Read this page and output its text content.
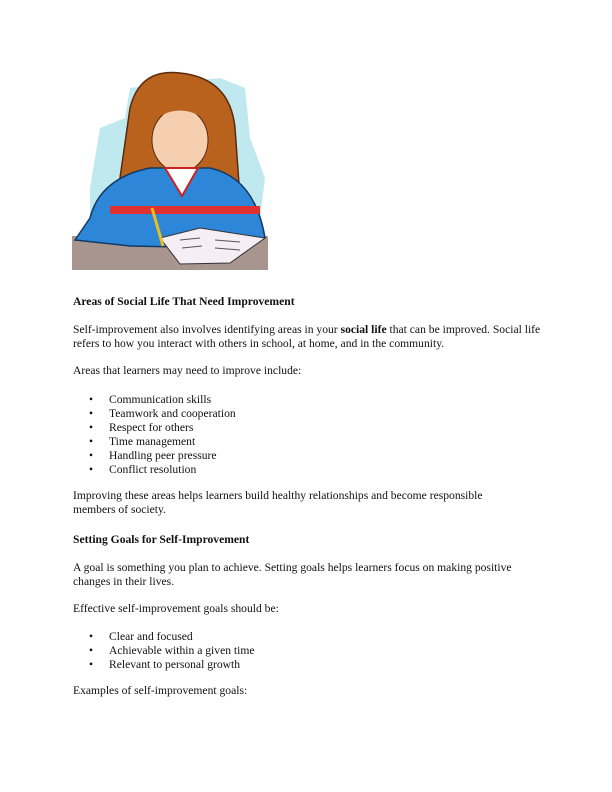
Areas of Social Life That Need Improvement
Self-improvement also involves identifying areas in your social life that can be improved. Social life refers to how you interact with others in school, at home, and in the community.
Areas that learners may need to improve include:
• Communication skills
• Teamwork and cooperation
• Respect for others
• Time management
• Handling peer pressure
• Conflict resolution
Improving these areas helps learners build healthy relationships and become responsible members of society.
Setting Goals for Self-Improvement
A goal is something you plan to achieve. Setting goals helps learners focus on making positive changes in their lives.
Effective self-improvement goals should be:
• Clear and focused
• Achievable within a given time
• Relevant to personal growth
Examples of self-improvement goals:
